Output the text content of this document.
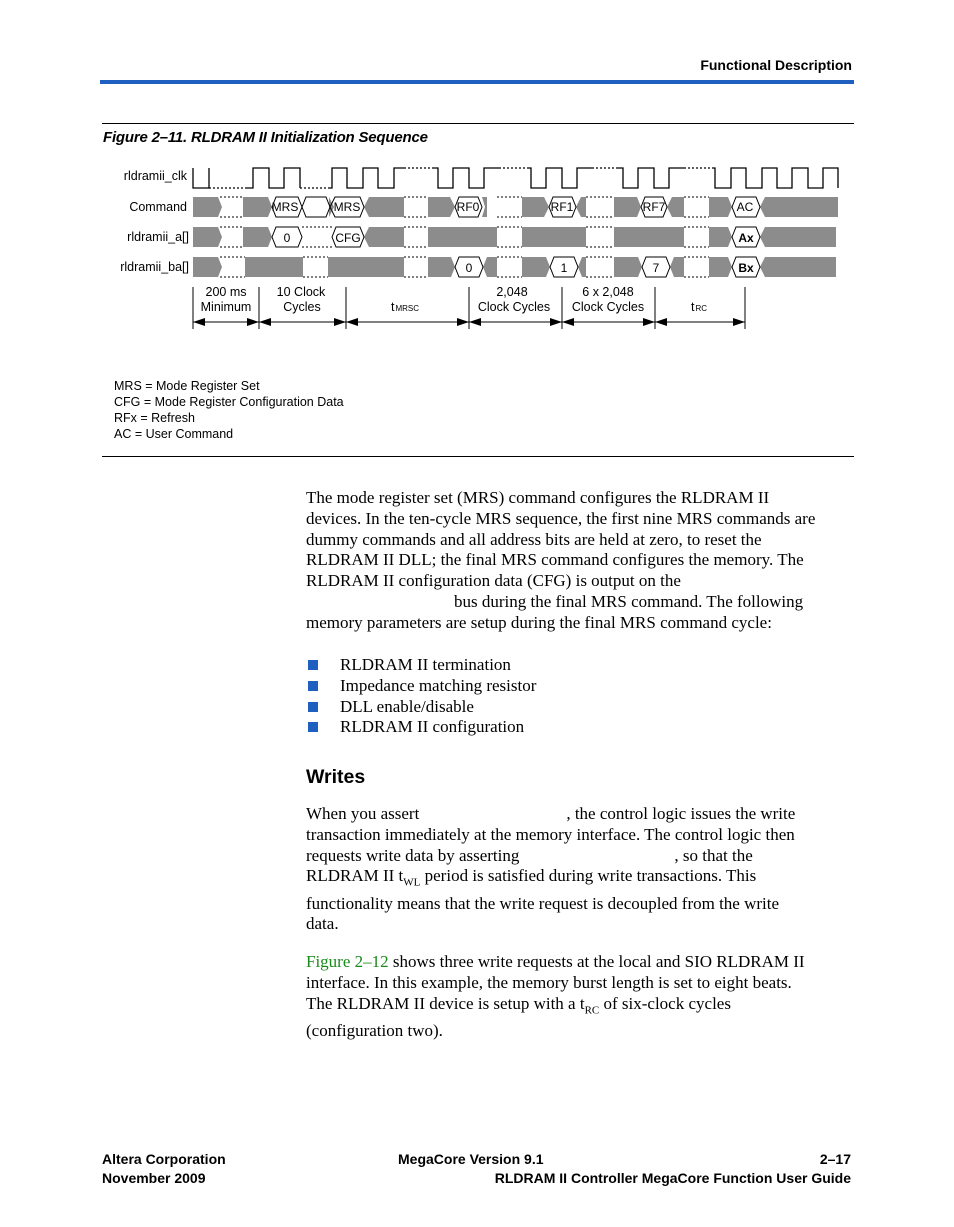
Functional Description
Figure 2–11. RLDRAM II Initialization Sequence
rldramii_clk
Command
rldramii_a[]
rldramii_ba[]
MRS	MRS	RF0	RF1	RF7	AC
0	CFG	Ax
0	1	7	Bx
200 ms
Minimum
10 Clock
Cycles	tMRSC
2,048
Clock Cycles
6 x 2,048
Clock Cycles	tRC
MRS = Mode Register Set
CFG = Mode Register Configuration Data
RFx = Refresh
AC = User Command
The mode register set (MRS) command configures the RLDRAM II
devices. In the ten-cycle MRS sequence, the first nine MRS commands are
dummy commands and all address bits are held at zero, to reset the
RLDRAM II DLL; the final MRS command configures the memory. The
RLDRAM II configuration data (CFG) is output on the
bus during the final MRS command. The following
memory parameters are setup during the final MRS command cycle:
RLDRAM II termination
Impedance matching resistor
DLL enable/disable
RLDRAM II configuration
Writes
When you assert	, the control logic issues the write
transaction immediately at the memory interface. The control logic then
requests write data by asserting	, so that the
RLDRAM II $t_{WL}$ period is satisfied during write transactions. This
functionality means that the write request is decoupled from the write
data.
Figure 2–12 shows three write requests at the local and SIO RLDRAM II
interface. In this example, the memory burst length is set to eight beats.
The RLDRAM II device is setup with a $t_{RC}$ of six-clock cycles
(configuration two).
Altera Corporation
November 2009
MegaCore Version 9.1	2–17
RLDRAM II Controller MegaCore Function User Guide
